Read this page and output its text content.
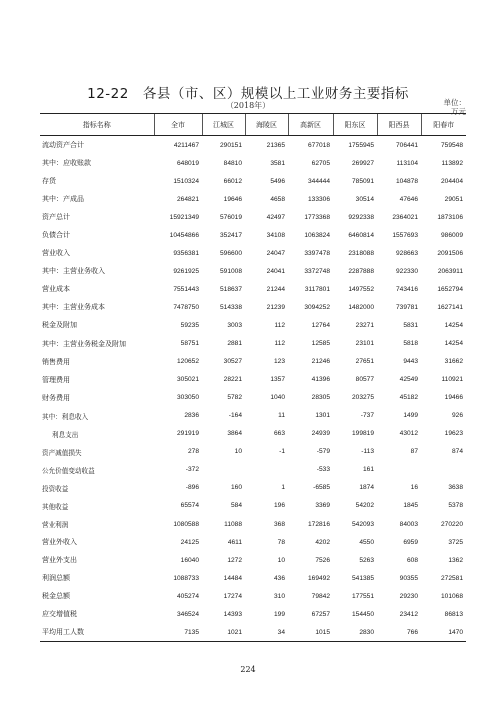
12-22　各县（市、区）规模以上工业财务主要指标
（2018年）	单位：
万元
指标名称	全市	江城区	海陵区	高新区	阳东区	阳西县	阳春市
流动资产合计	4211467	290151	21365	677018	1755945	706441	759548
其中：应收账款	648019	84810	3581	62705	269927	113104	113892
存货	1510324	66012	5496	344444	785091	104878	204404
其中：产成品	264821	19646	4658	133306	30514	47646	29051
资产总计	15921349	576019	42497	1773368	9292338	2364021	1873106
负债合计	10454866	352417	34108	1063824	6460814	1557693	986009
营业收入	9356381	596600	24047	3397478	2318088	928663	2091506
其中：主营业务收入	9261925	591008	24041	3372748	2287888	922330	2063911
营业成本	7551443	518637	21244	3117801	1497552	743416	1652794
其中：主营业务成本	7478750	514338	21239	3094252	1482000	739781	1627141
税金及附加	59235	3003	112	12764	23271	5831	14254
其中：主营业务税金及附加	58751	2881	112	12585	23101	5818	14254
销售费用	120652	30527	123	21246	27651	9443	31662
管理费用	305021	28221	1357	41396	80577	42549	110921
财务费用	303050	5782	1040	28305	203275	45182	19466
其中：利息收入	2836	-164	11	1301	-737	1499	926
利息支出	291919	3864	663	24939	199819	43012	19623
资产减值损失	278	10	-1	-579	-113	87	874
公允价值变动收益	-372			-533	161		
投资收益	-896	160	1	-6585	1874	16	3638
其他收益	65574	584	196	3369	54202	1845	5378
营业利润	1080588	11088	368	172816	542093	84003	270220
营业外收入	24125	4611	78	4202	4550	6959	3725
营业外支出	16040	1272	10	7526	5263	608	1362
利润总额	1088733	14484	436	169492	541385	90355	272581
税金总额	405274	17274	310	79842	177551	29230	101068
应交增值税	346524	14393	199	67257	154450	23412	86813
平均用工人数	7135	1021	34	1015	2830	766	1470
224
